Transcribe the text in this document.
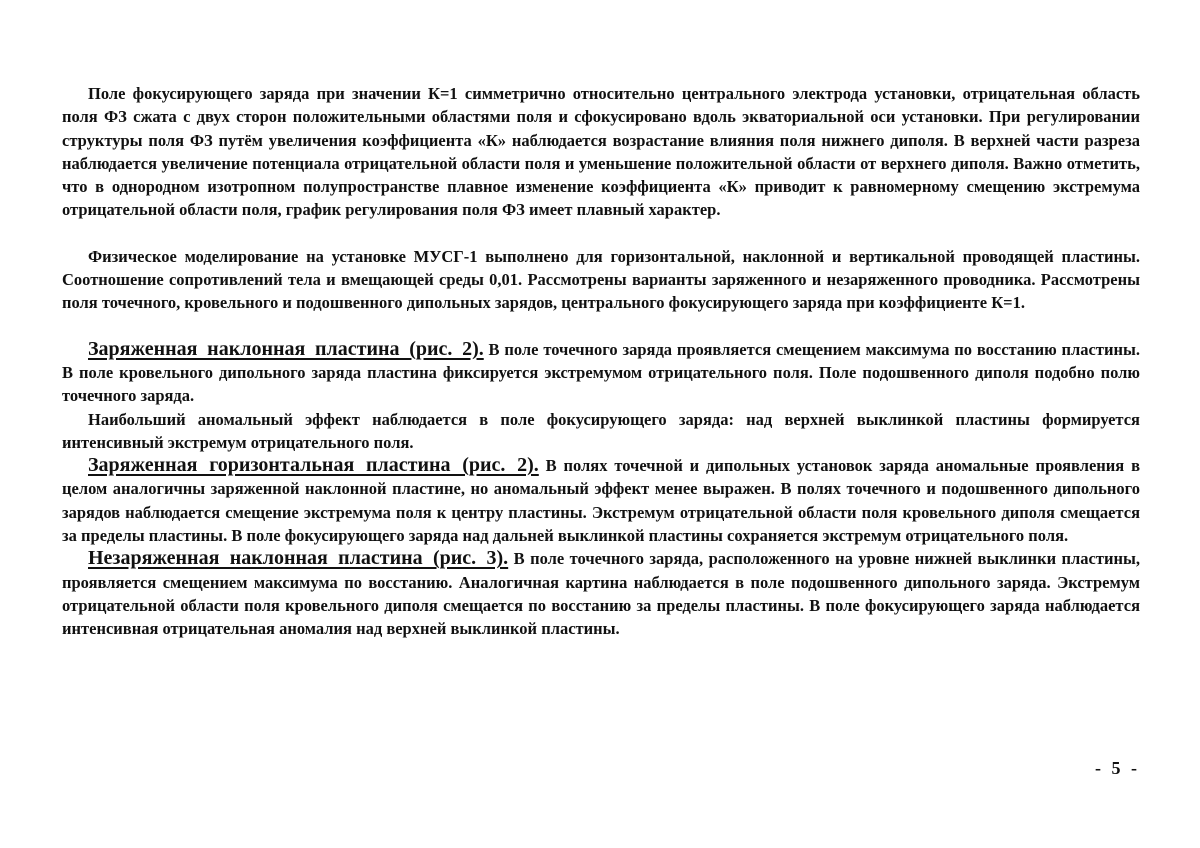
Поле фокусирующего заряда при значении К=1 симметрично относительно центрального электрода установки, отрицательная область поля ФЗ сжата с двух сторон положительными областями поля и сфокусировано вдоль экваториальной оси установки. При регулировании структуры поля ФЗ путём увеличения коэффициента «К» наблюдается возрастание влияния поля нижнего диполя. В верхней части разреза наблюдается увеличение потенциала отрицательной области поля и уменьшение положительной области от верхнего диполя. Важно отметить, что в однородном изотропном полупространстве плавное изменение коэффициента «К» приводит к равномерному смещению экстремума отрицательной области поля, график регулирования поля ФЗ имеет плавный характер.

Физическое моделирование на установке МУСГ-1 выполнено для горизонтальной, наклонной и вертикальной проводящей пластины. Соотношение сопротивлений тела и вмещающей среды 0,01. Рассмотрены варианты заряженного и незаряженного проводника. Рассмотрены поля точечного, кровельного и подошвенного дипольных зарядов, центрального фокусирующего заряда при коэффициенте К=1.

Заряженная наклонная пластина (рис. 2). В поле точечного заряда проявляется смещением максимума по восстанию пластины. В поле кровельного дипольного заряда пластина фиксируется экстремумом отрицательного поля. Поле подошвенного диполя подобно полю точечного заряда.

Наибольший аномальный эффект наблюдается в поле фокусирующего заряда: над верхней выклинкой пластины формируется интенсивный экстремум отрицательного поля.

Заряженная горизонтальная пластина (рис. 2). В полях точечной и дипольных установок заряда аномальные проявления в целом аналогичны заряженной наклонной пластине, но аномальный эффект менее выражен. В полях точечного и подошвенного дипольного зарядов наблюдается смещение экстремума поля к центру пластины. Экстремум отрицательной области поля кровельного диполя смещается за пределы пластины. В поле фокусирующего заряда над дальней выклинкой пластины сохраняется экстремум отрицательного поля.

Незаряженная наклонная пластина (рис. 3). В поле точечного заряда, расположенного на уровне нижней выклинки пластины, проявляется смещением максимума по восстанию. Аналогичная картина наблюдается в поле подошвенного дипольного заряда. Экстремум отрицательной области поля кровельного диполя смещается по восстанию за пределы пластины. В поле фокусирующего заряда наблюдается интенсивная отрицательная аномалия над верхней выклинкой пластины.

- 5 -
